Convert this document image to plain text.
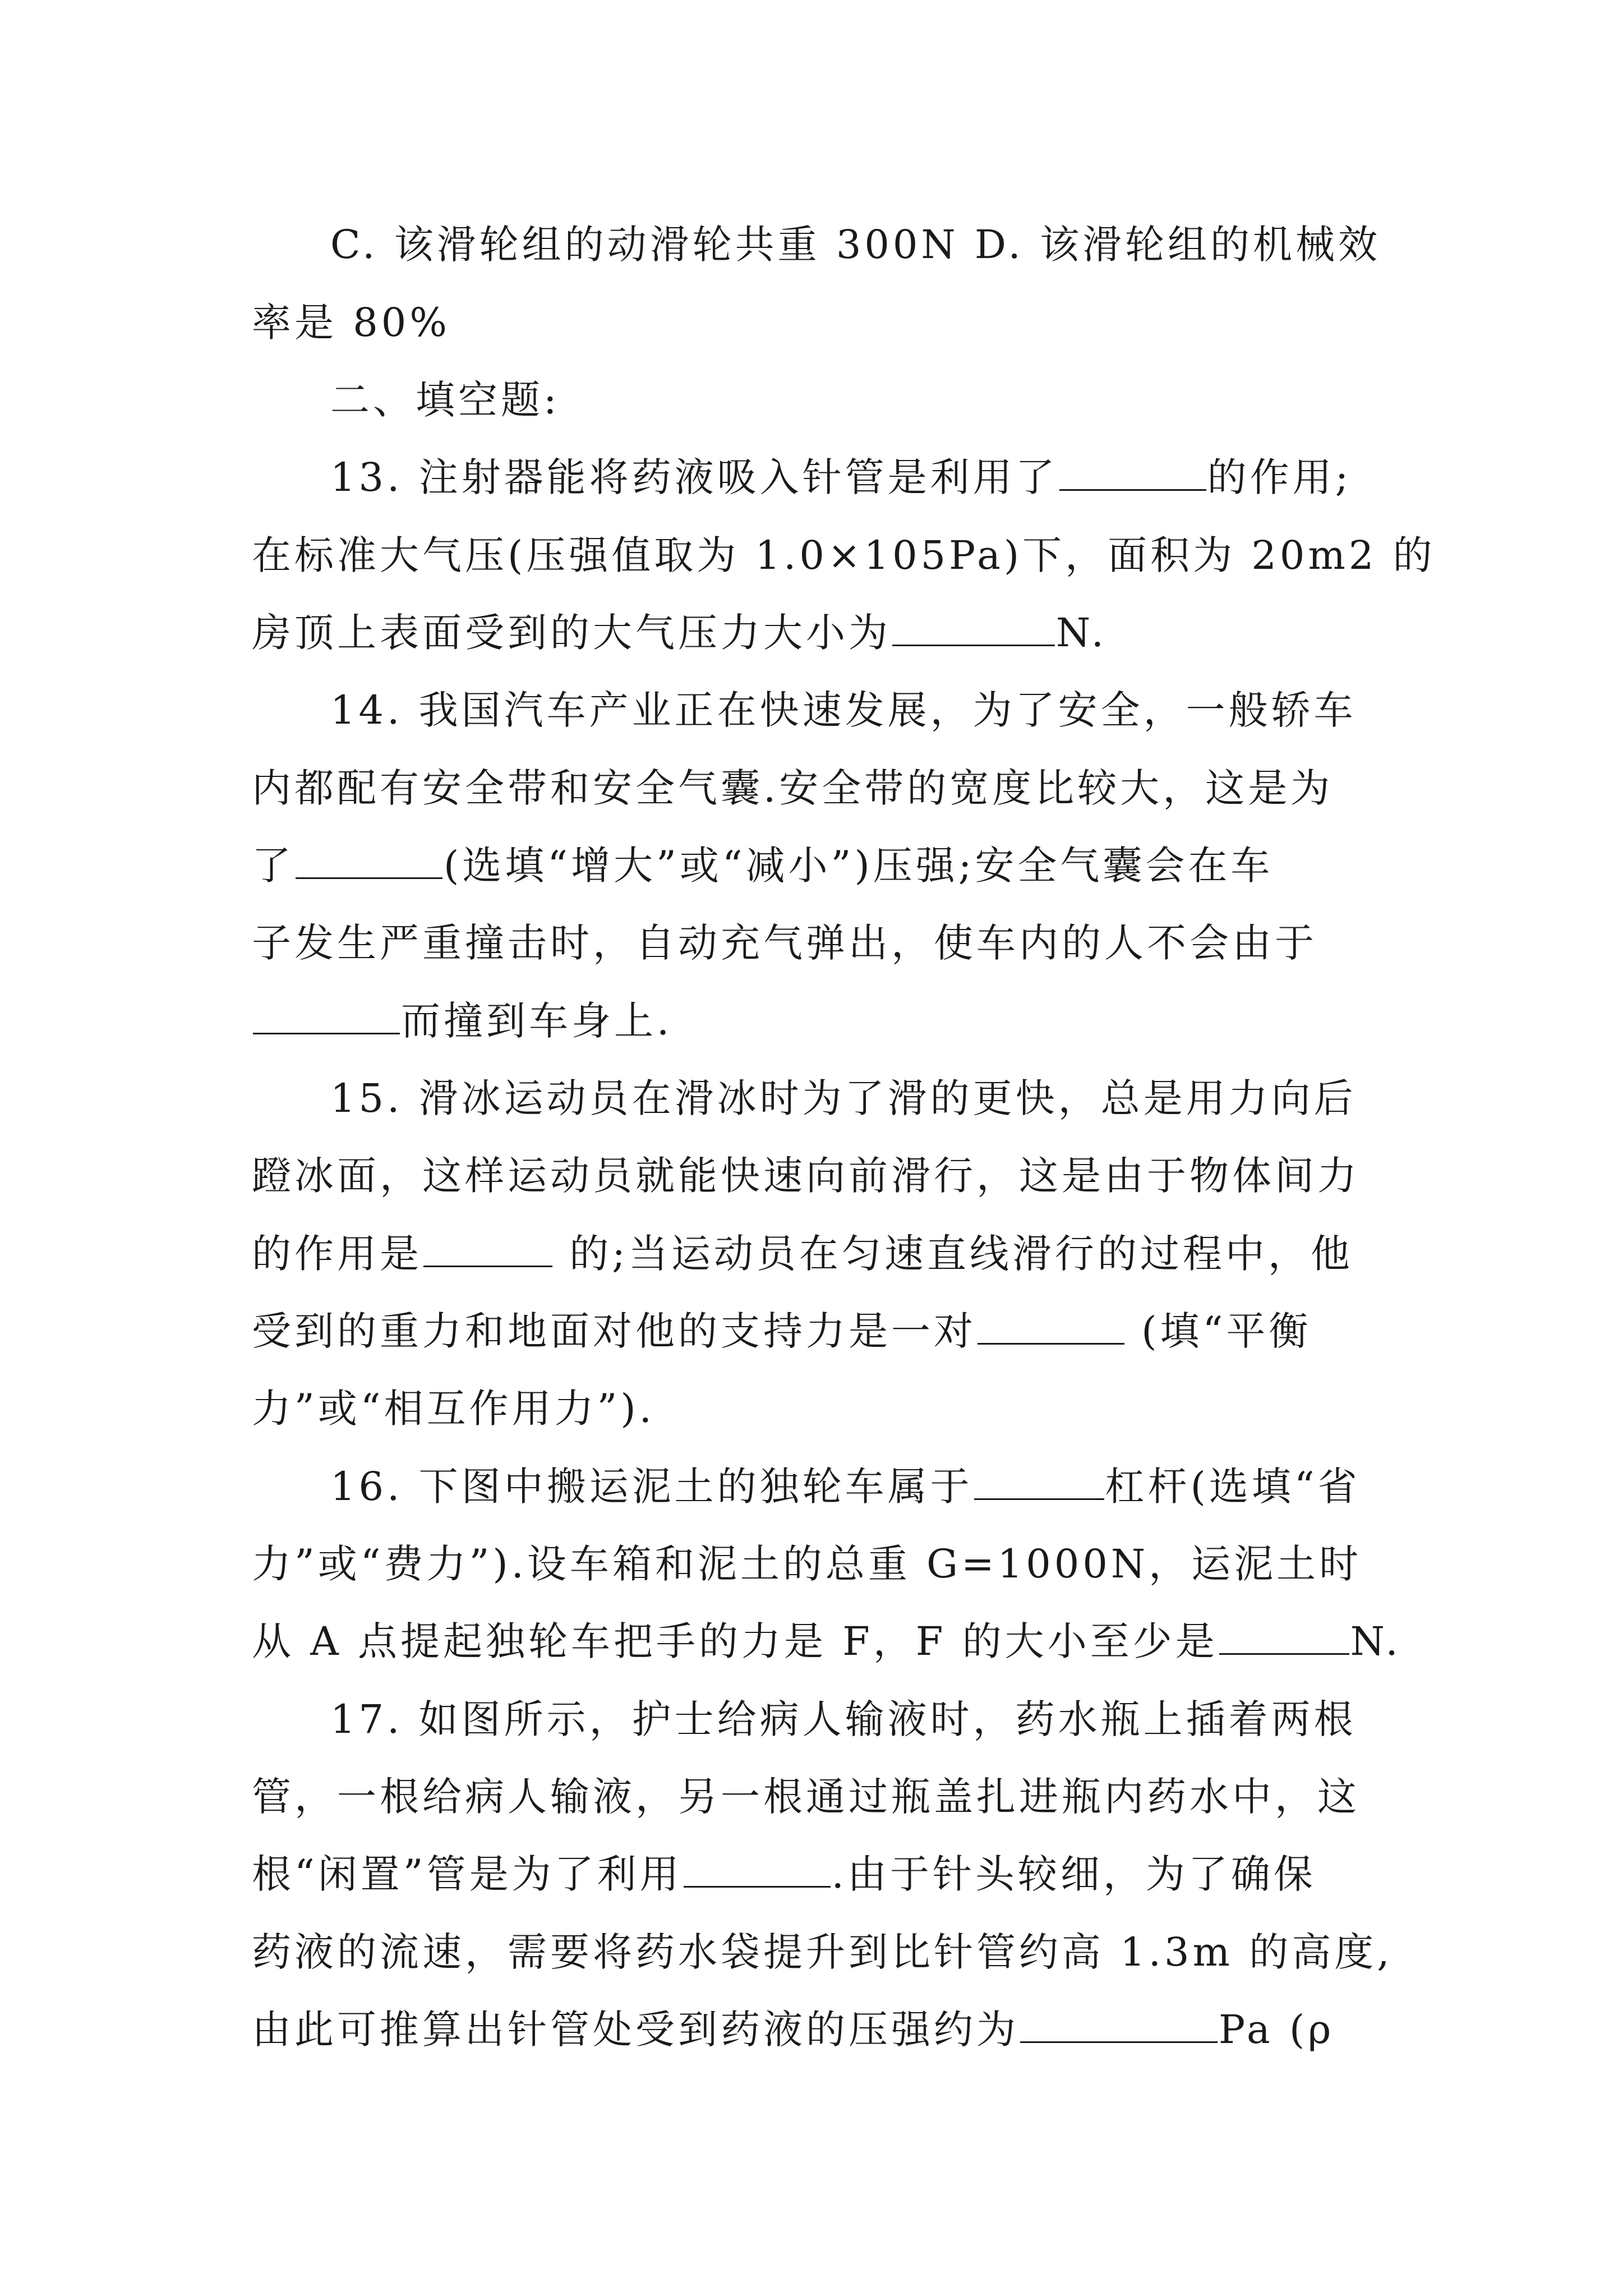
C. 该滑轮组的动滑轮共重 300N D. 该滑轮组的机械效
率是 80%
二、填空题:
13. 注射器能将药液吸入针管是利用了	的作用;
在标准大气压(压强值取为 1.0×105Pa)下，面积为 20m2 的
房顶上表面受到的大气压力大小为	N.
14. 我国汽车产业正在快速发展，为了安全，一般轿车
内都配有安全带和安全气囊.安全带的宽度比较大，这是为
了	(选填“增大”或“减小”)压强;安全气囊会在车
子发生严重撞击时，自动充气弹出，使车内的人不会由于
而撞到车身上.
15. 滑冰运动员在滑冰时为了滑的更快，总是用力向后
蹬冰面，这样运动员就能快速向前滑行，这是由于物体间力
的作用是	的;当运动员在匀速直线滑行的过程中，他
受到的重力和地面对他的支持力是一对	(填“平衡
力”或“相互作用力”).
16. 下图中搬运泥土的独轮车属于	杠杆(选填“省
力”或“费力”).设车箱和泥土的总重 G=1000N，运泥土时
从 A 点提起独轮车把手的力是 F，F 的大小至少是	N.
17. 如图所示，护士给病人输液时，药水瓶上插着两根
管，一根给病人输液，另一根通过瓶盖扎进瓶内药水中，这
根“闲置”管是为了利用	.由于针头较细，为了确保
药液的流速，需要将药水袋提升到比针管约高 1.3m 的高度,
由此可推算出针管处受到药液的压强约为	Pa (ρ
